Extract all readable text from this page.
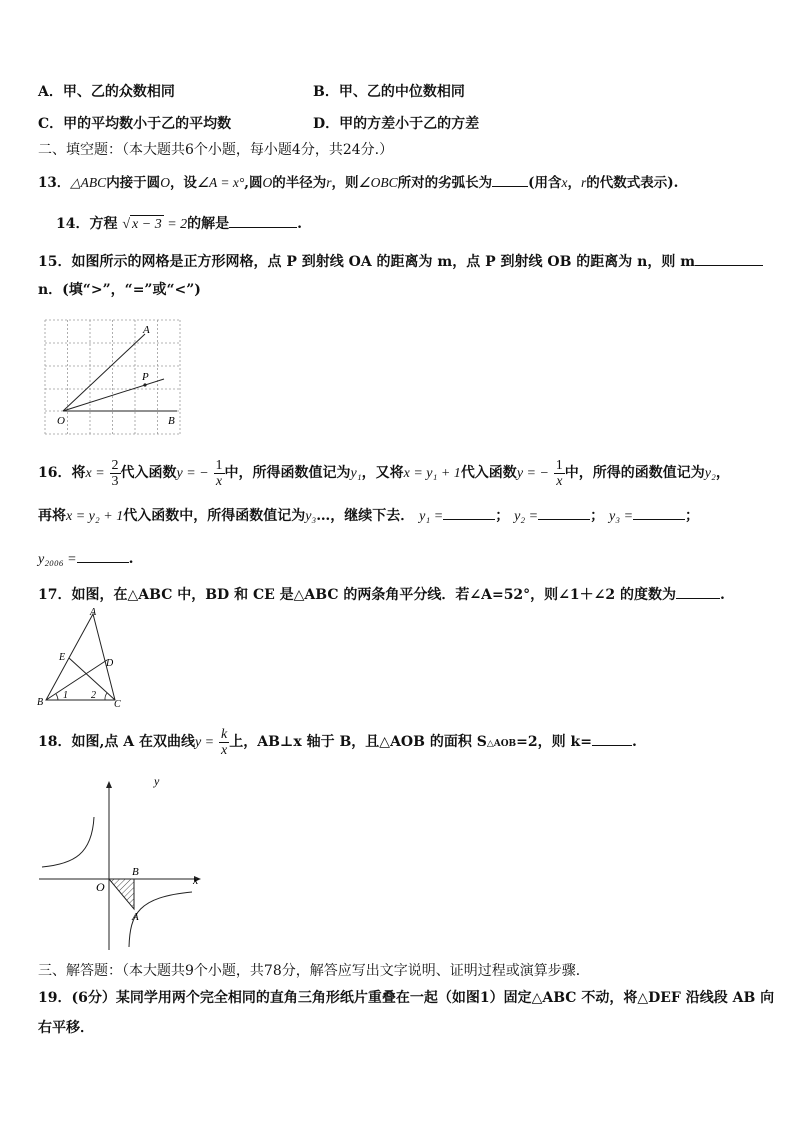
A．甲、乙的众数相同	B．甲、乙的中位数相同
C．甲的平均数小于乙的平均数	D．甲的方差小于乙的方差
二、填空题：（本大题共6个小题，每小题4分，共24分.）
13．△ABC内接于圆O，设∠A = x°,圆O的半径为r，则∠OBC所对的劣弧长为	(用含x，r的代数式表示).
14．方程 √ x − 3 = 2的解是	.
15．如图所示的网格是正方形网格，点 P 到射线 OA 的距离为 m，点 P 到射线 OB 的距离为 n，则 m
n．(填“>”，“=”或“<”)
A
P
O	B
16．将$x = \frac{2}{3}$ 代入函数y = − $\frac{1}{x}$ 中，所得函数值记为y₁，又将x = y₁ + 1代入函数y = − $\frac{1}{x}$ 中，所得的函数值记为y₂，
再将x = y₂ + 1代入函数中，所得函数值记为y₃…，继续下去． y₁ =	； y₂ =	； y₃ =	；
y₂₀₀₆ =	.
17．如图，在△ABC 中，BD 和 CE 是△ABC 的两条角平分线．若∠A=52°，则∠1＋∠2 的度数为	.
A
E
D
B	C
1 2
18．如图,点 A 在双曲线$y = \frac{k}{x}$ 上，AB⊥x 轴于 B，且△AOB 的面积 S△AOB=2，则 k=	.
y
x
O
B
A
三、解答题：（本大题共9个小题，共78分，解答应写出文字说明、证明过程或演算步骤．
19．(6分）某同学用两个完全相同的直角三角形纸片重叠在一起（如图1）固定△ABC 不动，将△DEF 沿线段 AB 向
右平移．
